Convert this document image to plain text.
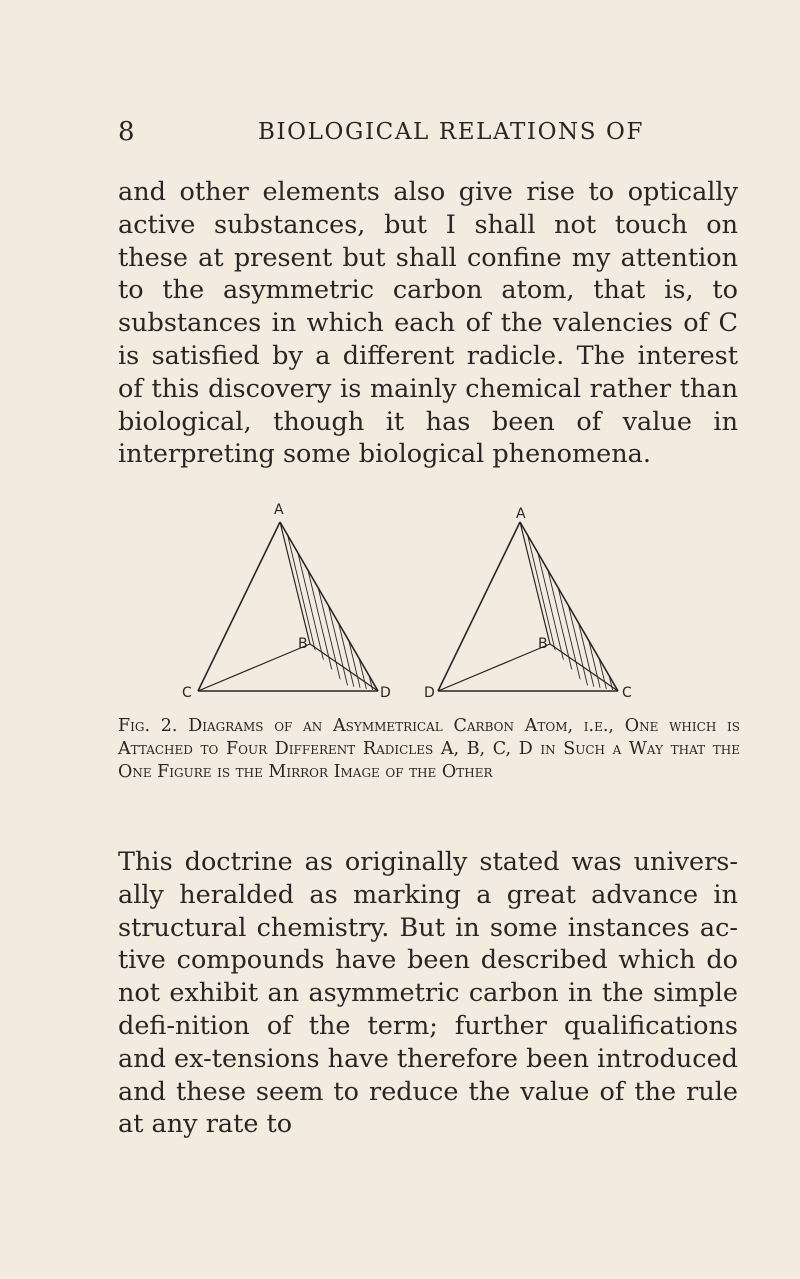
8	BIOLOGICAL RELATIONS OF

and other elements also give rise to optically active substances, but I shall not touch on these at present but shall confine my attention to the asymmetric carbon atom, that is, to substances in which each of the valencies of C is satisfied by a different radicle. The interest of this discovery is mainly chemical rather than biological, though it has been of value in interpreting some biological phenomena.

A
C	D
B
A
D	C
B

Fig. 2. Diagrams of an Asymmetrical Carbon Atom, i.e., One which is Attached to Four Different Radicles A, B, C, D in Such a Way that the One Figure is the Mirror Image of the Other

This doctrine as originally stated was univers-ally heralded as marking a great advance in structural chemistry. But in some instances ac-tive compounds have been described which do not exhibit an asymmetric carbon in the simple defi-nition of the term; further qualifications and ex-tensions have therefore been introduced and these seem to reduce the value of the rule at any rate to
